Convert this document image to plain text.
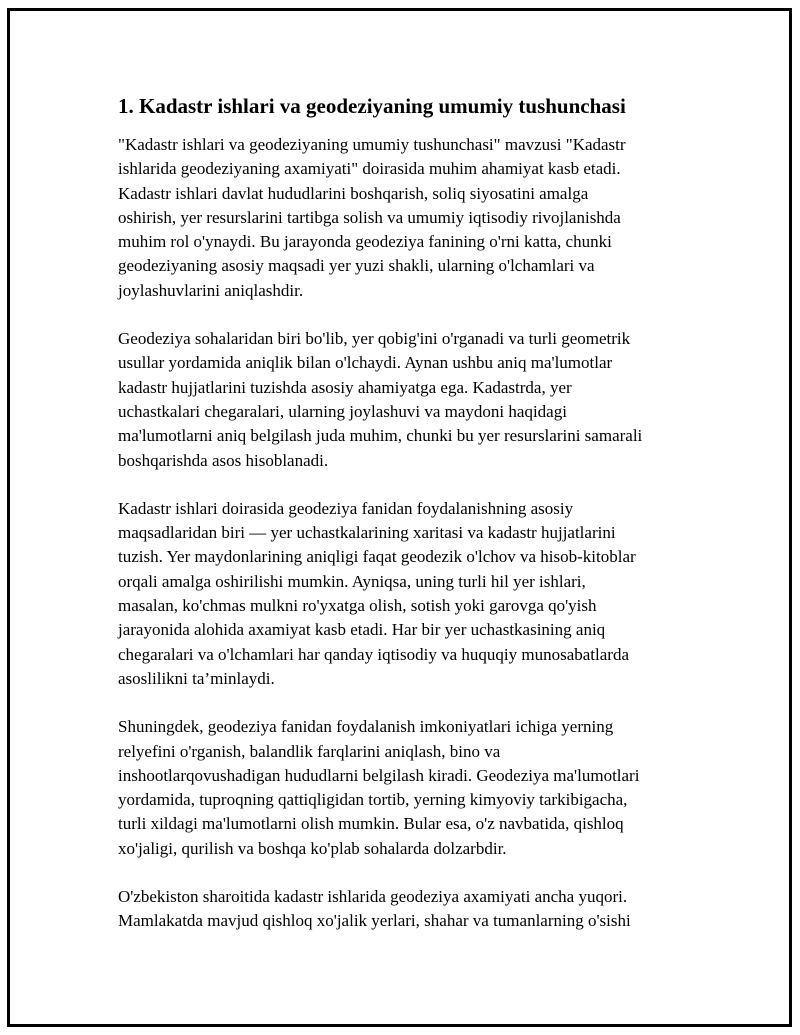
1. Kadastr ishlari va geodeziyaning umumiy tushunchasi

"Kadastr ishlari va geodeziyaning umumiy tushunchasi" mavzusi "Kadastr
ishlarida geodeziyaning axamiyati" doirasida muhim ahamiyat kasb etadi.
Kadastr ishlari davlat hududlarini boshqarish, soliq siyosatini amalga
oshirish, yer resurslarini tartibga solish va umumiy iqtisodiy rivojlanishda
muhim rol o'ynaydi. Bu jarayonda geodeziya fanining o'rni katta, chunki
geodeziyaning asosiy maqsadi yer yuzi shakli, ularning o'lchamlari va
joylashuvlarini aniqlashdir.

Geodeziya sohalaridan biri bo'lib, yer qobig'ini o'rganadi va turli geometrik
usullar yordamida aniqlik bilan o'lchaydi. Aynan ushbu aniq ma'lumotlar
kadastr hujjatlarini tuzishda asosiy ahamiyatga ega. Kadastrda, yer
uchastkalari chegaralari, ularning joylashuvi va maydoni haqidagi
ma'lumotlarni aniq belgilash juda muhim, chunki bu yer resurslarini samarali
boshqarishda asos hisoblanadi.

Kadastr ishlari doirasida geodeziya fanidan foydalanishning asosiy
maqsadlaridan biri — yer uchastkalarining xaritasi va kadastr hujjatlarini
tuzish. Yer maydonlarining aniqligi faqat geodezik o'lchov va hisob-kitoblar
orqali amalga oshirilishi mumkin. Ayniqsa, uning turli hil yer ishlari,
masalan, ko'chmas mulkni ro'yxatga olish, sotish yoki garovga qo'yish
jarayonida alohida axamiyat kasb etadi. Har bir yer uchastkasining aniq
chegaralari va o'lchamlari har qanday iqtisodiy va huquqiy munosabatlarda
asoslilikni ta’minlaydi.

Shuningdek, geodeziya fanidan foydalanish imkoniyatlari ichiga yerning
relyefini o'rganish, balandlik farqlarini aniqlash, bino va
inshootlarqovushadigan hududlarni belgilash kiradi. Geodeziya ma'lumotlari
yordamida, tuproqning qattiqligidan tortib, yerning kimyoviy tarkibigacha,
turli xildagi ma'lumotlarni olish mumkin. Bular esa, o'z navbatida, qishloq
xo'jaligi, qurilish va boshqa ko'plab sohalarda dolzarbdir.

O'zbekiston sharoitida kadastr ishlarida geodeziya axamiyati ancha yuqori.
Mamlakatda mavjud qishloq xo'jalik yerlari, shahar va tumanlarning o'sishi
